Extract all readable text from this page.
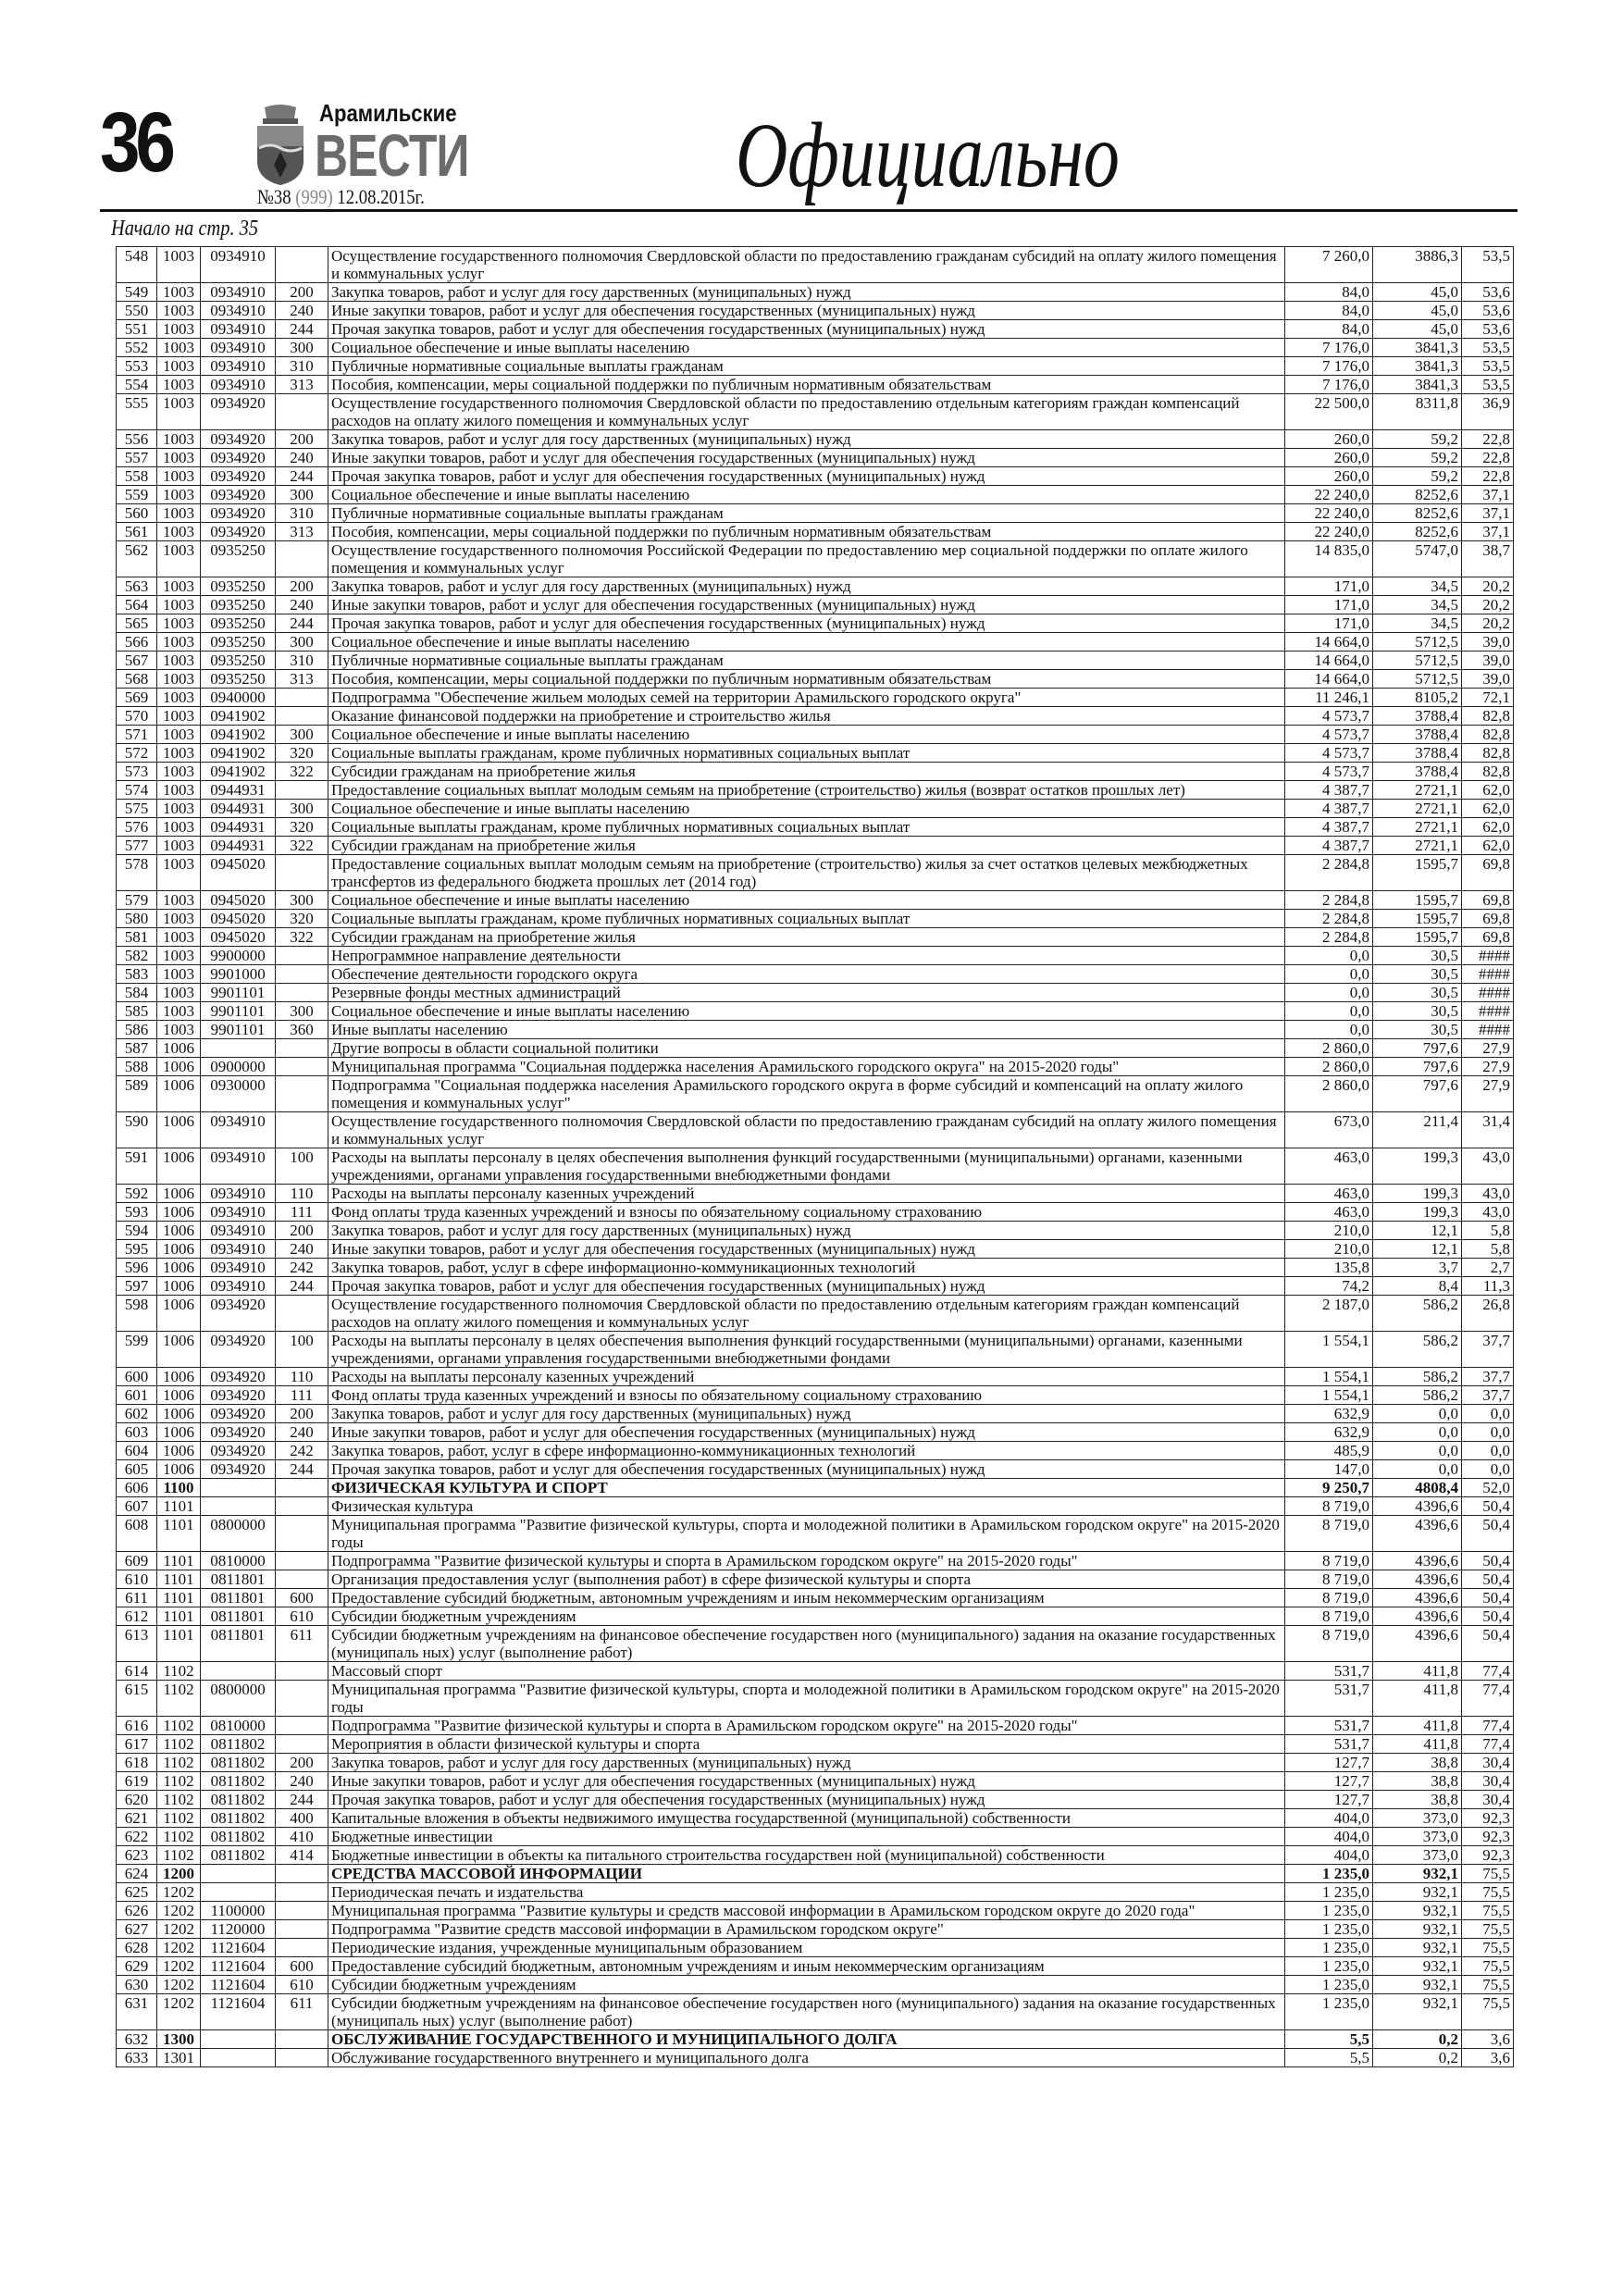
36	Арамильские
ВЕСТИ
№38 (999) 12.08.2015г.	Официально
Начало на стр. 35
548	1003	0934910		Осуществление государственного полномочия Свердловской области по предоставлению гражданам субсидий на оплату жилого помещения и коммунальных услуг	7 260,0	3886,3	53,5
549	1003	0934910	200	Закупка товаров, работ и услуг для госу дарственных (муниципальных) нужд	84,0	45,0	53,6
550	1003	0934910	240	Иные закупки товаров, работ и услуг для обеспечения государственных (муниципальных) нужд	84,0	45,0	53,6
551	1003	0934910	244	Прочая закупка товаров, работ и услуг для обеспечения государственных (муниципальных) нужд	84,0	45,0	53,6
552	1003	0934910	300	Социальное обеспечение и иные выплаты населению	7 176,0	3841,3	53,5
553	1003	0934910	310	Публичные нормативные социальные выплаты гражданам	7 176,0	3841,3	53,5
554	1003	0934910	313	Пособия, компенсации, меры социальной поддержки по публичным нормативным обязательствам	7 176,0	3841,3	53,5
555	1003	0934920		Осуществление государственного полномочия Свердловской области по предоставлению отдельным категориям граждан компенсаций расходов на оплату жилого помещения и коммунальных услуг	22 500,0	8311,8	36,9
556	1003	0934920	200	Закупка товаров, работ и услуг для госу дарственных (муниципальных) нужд	260,0	59,2	22,8
557	1003	0934920	240	Иные закупки товаров, работ и услуг для обеспечения государственных (муниципальных) нужд	260,0	59,2	22,8
558	1003	0934920	244	Прочая закупка товаров, работ и услуг для обеспечения государственных (муниципальных) нужд	260,0	59,2	22,8
559	1003	0934920	300	Социальное обеспечение и иные выплаты населению	22 240,0	8252,6	37,1
560	1003	0934920	310	Публичные нормативные социальные выплаты гражданам	22 240,0	8252,6	37,1
561	1003	0934920	313	Пособия, компенсации, меры социальной поддержки по публичным нормативным обязательствам	22 240,0	8252,6	37,1
562	1003	0935250		Осуществление государственного полномочия Российской Федерации по предоставлению мер социальной поддержки по оплате жилого помещения и коммунальных услуг	14 835,0	5747,0	38,7
563	1003	0935250	200	Закупка товаров, работ и услуг для госу дарственных (муниципальных) нужд	171,0	34,5	20,2
564	1003	0935250	240	Иные закупки товаров, работ и услуг для обеспечения государственных (муниципальных) нужд	171,0	34,5	20,2
565	1003	0935250	244	Прочая закупка товаров, работ и услуг для обеспечения государственных (муниципальных) нужд	171,0	34,5	20,2
566	1003	0935250	300	Социальное обеспечение и иные выплаты населению	14 664,0	5712,5	39,0
567	1003	0935250	310	Публичные нормативные социальные выплаты гражданам	14 664,0	5712,5	39,0
568	1003	0935250	313	Пособия, компенсации, меры социальной поддержки по публичным нормативным обязательствам	14 664,0	5712,5	39,0
569	1003	0940000		Подпрограмма "Обеспечение жильем молодых семей на территории Арамильского городского округа"	11 246,1	8105,2	72,1
570	1003	0941902		Оказание финансовой поддержки на приобретение и строительство жилья	4 573,7	3788,4	82,8
571	1003	0941902	300	Социальное обеспечение и иные выплаты населению	4 573,7	3788,4	82,8
572	1003	0941902	320	Социальные выплаты гражданам, кроме публичных нормативных социальных выплат	4 573,7	3788,4	82,8
573	1003	0941902	322	Субсидии гражданам на приобретение жилья	4 573,7	3788,4	82,8
574	1003	0944931		Предоставление социальных выплат молодым семьям на приобретение (строительство) жилья (возврат остатков прошлых лет)	4 387,7	2721,1	62,0
575	1003	0944931	300	Социальное обеспечение и иные выплаты населению	4 387,7	2721,1	62,0
576	1003	0944931	320	Социальные выплаты гражданам, кроме публичных нормативных социальных выплат	4 387,7	2721,1	62,0
577	1003	0944931	322	Субсидии гражданам на приобретение жилья	4 387,7	2721,1	62,0
578	1003	0945020		Предоставление социальных выплат молодым семьям на приобретение (строительство) жилья за счет остатков целевых межбюджетных трансфертов из федерального бюджета прошлых лет (2014 год)	2 284,8	1595,7	69,8
579	1003	0945020	300	Социальное обеспечение и иные выплаты населению	2 284,8	1595,7	69,8
580	1003	0945020	320	Социальные выплаты гражданам, кроме публичных нормативных социальных выплат	2 284,8	1595,7	69,8
581	1003	0945020	322	Субсидии гражданам на приобретение жилья	2 284,8	1595,7	69,8
582	1003	9900000		Непрограммное направление деятельности	0,0	30,5	####
583	1003	9901000		Обеспечение деятельности городского округа	0,0	30,5	####
584	1003	9901101		Резервные фонды местных администраций	0,0	30,5	####
585	1003	9901101	300	Социальное обеспечение и иные выплаты населению	0,0	30,5	####
586	1003	9901101	360	Иные выплаты населению	0,0	30,5	####
587	1006			Другие вопросы в области социальной политики	2 860,0	797,6	27,9
588	1006	0900000		Муниципальная программа "Социальная поддержка населения Арамильского городского округа" на 2015-2020 годы"	2 860,0	797,6	27,9
589	1006	0930000		Подпрограмма "Социальная поддержка населения Арамильского городского округа в форме субсидий и компенсаций на оплату жилого помещения и коммунальных услуг"	2 860,0	797,6	27,9
590	1006	0934910		Осуществление государственного полномочия Свердловской области по предоставлению гражданам субсидий на оплату жилого помещения и коммунальных услуг	673,0	211,4	31,4
591	1006	0934910	100	Расходы на выплаты персоналу в целях обеспечения выполнения функций государственными (муниципальными) органами, казенными учреждениями, органами управления государственными внебюджетными фондами	463,0	199,3	43,0
592	1006	0934910	110	Расходы на выплаты персоналу казенных учреждений	463,0	199,3	43,0
593	1006	0934910	111	Фонд оплаты труда казенных учреждений и взносы по обязательному социальному страхованию	463,0	199,3	43,0
594	1006	0934910	200	Закупка товаров, работ и услуг для госу дарственных (муниципальных) нужд	210,0	12,1	5,8
595	1006	0934910	240	Иные закупки товаров, работ и услуг для обеспечения государственных (муниципальных) нужд	210,0	12,1	5,8
596	1006	0934910	242	Закупка товаров, работ, услуг в сфере информационно-коммуникационных технологий	135,8	3,7	2,7
597	1006	0934910	244	Прочая закупка товаров, работ и услуг для обеспечения государственных (муниципальных) нужд	74,2	8,4	11,3
598	1006	0934920		Осуществление государственного полномочия Свердловской области по предоставлению отдельным категориям граждан компенсаций расходов на оплату жилого помещения и коммунальных услуг	2 187,0	586,2	26,8
599	1006	0934920	100	Расходы на выплаты персоналу в целях обеспечения выполнения функций государственными (муниципальными) органами, казенными учреждениями, органами управления государственными внебюджетными фондами	1 554,1	586,2	37,7
600	1006	0934920	110	Расходы на выплаты персоналу казенных учреждений	1 554,1	586,2	37,7
601	1006	0934920	111	Фонд оплаты труда казенных учреждений и взносы по обязательному социальному страхованию	1 554,1	586,2	37,7
602	1006	0934920	200	Закупка товаров, работ и услуг для госу дарственных (муниципальных) нужд	632,9	0,0	0,0
603	1006	0934920	240	Иные закупки товаров, работ и услуг для обеспечения государственных (муниципальных) нужд	632,9	0,0	0,0
604	1006	0934920	242	Закупка товаров, работ, услуг в сфере информационно-коммуникационных технологий	485,9	0,0	0,0
605	1006	0934920	244	Прочая закупка товаров, работ и услуг для обеспечения государственных (муниципальных) нужд	147,0	0,0	0,0
606	1100			ФИЗИЧЕСКАЯ КУЛЬТУРА И СПОРТ	9 250,7	4808,4	52,0
607	1101			Физическая культура	8 719,0	4396,6	50,4
608	1101	0800000		Муниципальная программа "Развитие физической культуры, спорта и молодежной политики в Арамильском городском округе" на 2015-2020 годы	8 719,0	4396,6	50,4
609	1101	0810000		Подпрограмма "Развитие физической культуры и спорта в Арамильском городском округе" на 2015-2020 годы"	8 719,0	4396,6	50,4
610	1101	0811801		Организация предоставления услуг (выполнения работ) в сфере физической культуры и спорта	8 719,0	4396,6	50,4
611	1101	0811801	600	Предоставление субсидий бюджетным, автономным учреждениям и иным некоммерческим организациям	8 719,0	4396,6	50,4
612	1101	0811801	610	Субсидии бюджетным учреждениям	8 719,0	4396,6	50,4
613	1101	0811801	611	Субсидии бюджетным учреждениям на финансовое обеспечение государствен ного (муниципального) задания на оказание государственных (муниципаль ных) услуг (выполнение работ)	8 719,0	4396,6	50,4
614	1102			Массовый спорт	531,7	411,8	77,4
615	1102	0800000		Муниципальная программа "Развитие физической культуры, спорта и молодежной политики в Арамильском городском округе" на 2015-2020 годы	531,7	411,8	77,4
616	1102	0810000		Подпрограмма "Развитие физической культуры и спорта в Арамильском городском округе" на 2015-2020 годы"	531,7	411,8	77,4
617	1102	0811802		Мероприятия в области физической культуры и спорта	531,7	411,8	77,4
618	1102	0811802	200	Закупка товаров, работ и услуг для госу дарственных (муниципальных) нужд	127,7	38,8	30,4
619	1102	0811802	240	Иные закупки товаров, работ и услуг для обеспечения государственных (муниципальных) нужд	127,7	38,8	30,4
620	1102	0811802	244	Прочая закупка товаров, работ и услуг для обеспечения государственных (муниципальных) нужд	127,7	38,8	30,4
621	1102	0811802	400	Капитальные вложения в объекты недвижимого имущества государственной (муниципальной) собственности	404,0	373,0	92,3
622	1102	0811802	410	Бюджетные инвестиции	404,0	373,0	92,3
623	1102	0811802	414	Бюджетные инвестиции в объекты ка питального строительства государствен ной (муниципальной) собственности	404,0	373,0	92,3
624	1200			СРЕДСТВА МАССОВОЙ ИНФОРМАЦИИ	1 235,0	932,1	75,5
625	1202			Периодическая печать и издательства	1 235,0	932,1	75,5
626	1202	1100000		Муниципальная программа "Развитие культуры и средств массовой информации в Арамильском городском округе до 2020 года"	1 235,0	932,1	75,5
627	1202	1120000		Подпрограмма "Развитие средств массовой информации в Арамильском городском округе"	1 235,0	932,1	75,5
628	1202	1121604		Периодические издания, учрежденные муниципальным образованием	1 235,0	932,1	75,5
629	1202	1121604	600	Предоставление субсидий бюджетным, автономным учреждениям и иным некоммерческим организациям	1 235,0	932,1	75,5
630	1202	1121604	610	Субсидии бюджетным учреждениям	1 235,0	932,1	75,5
631	1202	1121604	611	Субсидии бюджетным учреждениям на финансовое обеспечение государствен ного (муниципального) задания на оказание государственных (муниципаль ных) услуг (выполнение работ)	1 235,0	932,1	75,5
632	1300			ОБСЛУЖИВАНИЕ ГОСУДАРСТВЕННОГО И МУНИЦИПАЛЬНОГО ДОЛГА	5,5	0,2	3,6
633	1301			Обслуживание государственного внутреннего и муниципального долга	5,5	0,2	3,6
